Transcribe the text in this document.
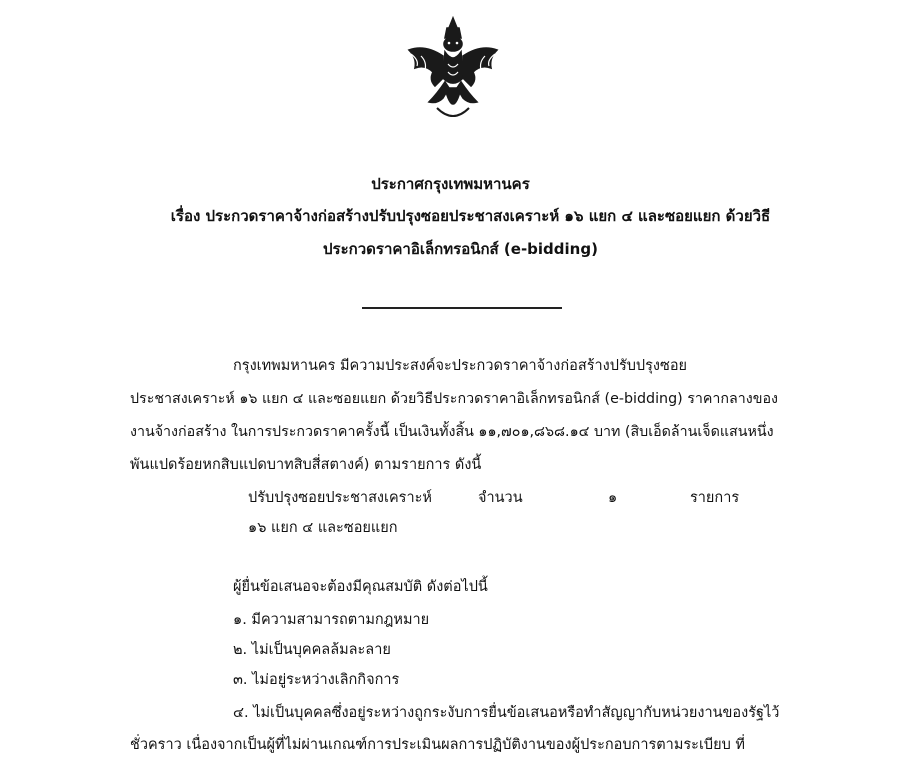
ประกาศกรุงเทพมหานคร
เรื่อง ประกวดราคาจ้างก่อสร้างปรับปรุงซอยประชาสงเคราะห์ ๑๖ แยก ๔ และซอยแยก ด้วยวิธี
ประกวดราคาอิเล็กทรอนิกส์ (e-bidding)
กรุงเทพมหานคร มีความประสงค์จะประกวดราคาจ้างก่อสร้างปรับปรุงซอย
ประชาสงเคราะห์ ๑๖ แยก ๔ และซอยแยก ด้วยวิธีประกวดราคาอิเล็กทรอนิกส์ (e-bidding) ราคากลางของ
งานจ้างก่อสร้าง ในการประกวดราคาครั้งนี้ เป็นเงินทั้งสิ้น ๑๑,๗๐๑,๘๖๘.๑๔ บาท (สิบเอ็ดล้านเจ็ดแสนหนึ่ง
พันแปดร้อยหกสิบแปดบาทสิบสี่สตางค์) ตามรายการ ดังนี้
ปรับปรุงซอยประชาสงเคราะห์	จำนวน	๑	รายการ
๑๖ แยก ๔ และซอยแยก
ผู้ยื่นข้อเสนอจะต้องมีคุณสมบัติ ดังต่อไปนี้
๑. มีความสามารถตามกฎหมาย
๒. ไม่เป็นบุคคลล้มละลาย
๓. ไม่อยู่ระหว่างเลิกกิจการ
๔. ไม่เป็นบุคคลซึ่งอยู่ระหว่างถูกระงับการยื่นข้อเสนอหรือทำสัญญากับหน่วยงานของรัฐไว้
ชั่วคราว เนื่องจากเป็นผู้ที่ไม่ผ่านเกณฑ์การประเมินผลการปฏิบัติงานของผู้ประกอบการตามระเบียบ ที่
